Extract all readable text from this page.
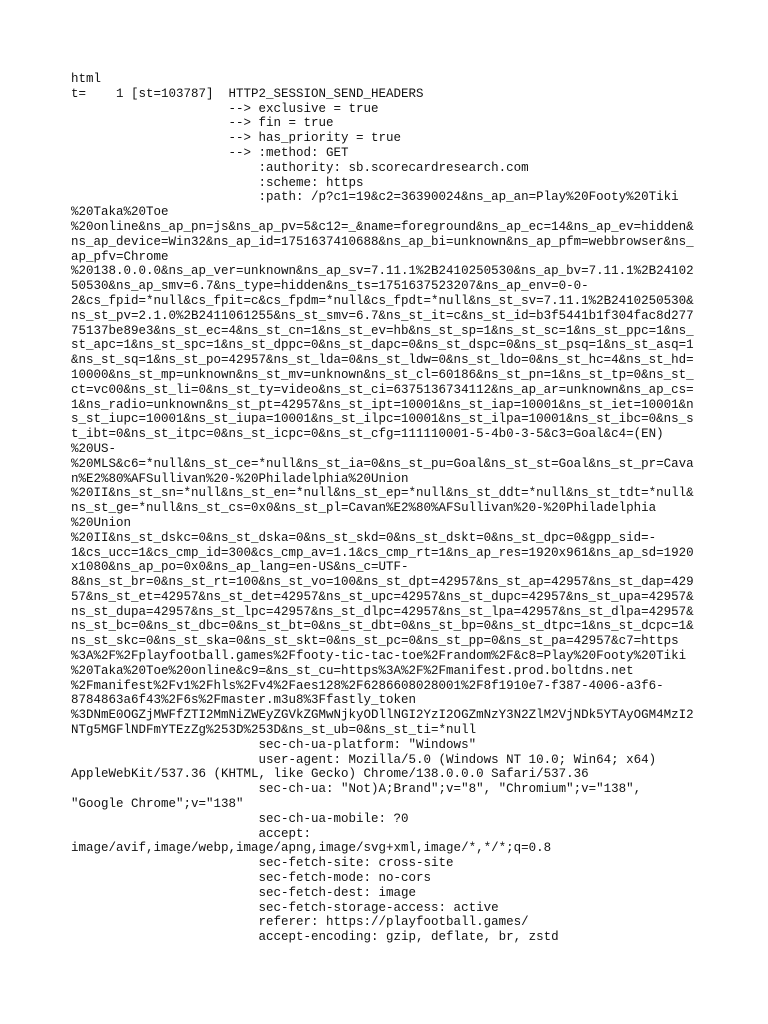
html
t=    1 [st=103787]  HTTP2_SESSION_SEND_HEADERS
--> exclusive = true
--> fin = true
--> has_priority = true
--> :method: GET
:authority: sb.scorecardresearch.com
:scheme: https
:path: /p?c1=19&c2=36390024&ns_ap_an=Play%20Footy%20Tiki
%20Taka%20Toe
%20online&ns_ap_pn=js&ns_ap_pv=5&c12=_&name=foreground&ns_ap_ec=14&ns_ap_ev=hidden&
ns_ap_device=Win32&ns_ap_id=1751637410688&ns_ap_bi=unknown&ns_ap_pfm=webbrowser&ns_
ap_pfv=Chrome
%20138.0.0.0&ns_ap_ver=unknown&ns_ap_sv=7.11.1%2B2410250530&ns_ap_bv=7.11.1%2B24102
50530&ns_ap_smv=6.7&ns_type=hidden&ns_ts=1751637523207&ns_ap_env=0-0-
2&cs_fpid=*null&cs_fpit=c&cs_fpdm=*null&cs_fpdt=*null&ns_st_sv=7.11.1%2B2410250530&
ns_st_pv=2.1.0%2B2411061255&ns_st_smv=6.7&ns_st_it=c&ns_st_id=b3f5441b1f304fac8d277
75137be89e3&ns_st_ec=4&ns_st_cn=1&ns_st_ev=hb&ns_st_sp=1&ns_st_sc=1&ns_st_ppc=1&ns_
st_apc=1&ns_st_spc=1&ns_st_dppc=0&ns_st_dapc=0&ns_st_dspc=0&ns_st_psq=1&ns_st_asq=1
&ns_st_sq=1&ns_st_po=42957&ns_st_lda=0&ns_st_ldw=0&ns_st_ldo=0&ns_st_hc=4&ns_st_hd=
10000&ns_st_mp=unknown&ns_st_mv=unknown&ns_st_cl=60186&ns_st_pn=1&ns_st_tp=0&ns_st_
ct=vc00&ns_st_li=0&ns_st_ty=video&ns_st_ci=6375136734112&ns_ap_ar=unknown&ns_ap_cs=
1&ns_radio=unknown&ns_st_pt=42957&ns_st_ipt=10001&ns_st_iap=10001&ns_st_iet=10001&n
s_st_iupc=10001&ns_st_iupa=10001&ns_st_ilpc=10001&ns_st_ilpa=10001&ns_st_ibc=0&ns_s
t_ibt=0&ns_st_itpc=0&ns_st_icpc=0&ns_st_cfg=111110001-5-4b0-3-5&c3=Goal&c4=(EN)
%20US-
%20MLS&c6=*null&ns_st_ce=*null&ns_st_ia=0&ns_st_pu=Goal&ns_st_st=Goal&ns_st_pr=Cava
n%E2%80%AFSullivan%20-%20Philadelphia%20Union
%20II&ns_st_sn=*null&ns_st_en=*null&ns_st_ep=*null&ns_st_ddt=*null&ns_st_tdt=*null&
ns_st_ge=*null&ns_st_cs=0x0&ns_st_pl=Cavan%E2%80%AFSullivan%20-%20Philadelphia
%20Union
%20II&ns_st_dskc=0&ns_st_dska=0&ns_st_skd=0&ns_st_dskt=0&ns_st_dpc=0&gpp_sid=-
1&cs_ucc=1&cs_cmp_id=300&cs_cmp_av=1.1&cs_cmp_rt=1&ns_ap_res=1920x961&ns_ap_sd=1920
x1080&ns_ap_po=0x0&ns_ap_lang=en-US&ns_c=UTF-
8&ns_st_br=0&ns_st_rt=100&ns_st_vo=100&ns_st_dpt=42957&ns_st_ap=42957&ns_st_dap=429
57&ns_st_et=42957&ns_st_det=42957&ns_st_upc=42957&ns_st_dupc=42957&ns_st_upa=42957&
ns_st_dupa=42957&ns_st_lpc=42957&ns_st_dlpc=42957&ns_st_lpa=42957&ns_st_dlpa=42957&
ns_st_bc=0&ns_st_dbc=0&ns_st_bt=0&ns_st_dbt=0&ns_st_bp=0&ns_st_dtpc=1&ns_st_dcpc=1&
ns_st_skc=0&ns_st_ska=0&ns_st_skt=0&ns_st_pc=0&ns_st_pp=0&ns_st_pa=42957&c7=https
%3A%2F%2Fplayfootball.games%2Ffooty-tic-tac-toe%2Frandom%2F&c8=Play%20Footy%20Tiki
%20Taka%20Toe%20online&c9=&ns_st_cu=https%3A%2F%2Fmanifest.prod.boltdns.net
%2Fmanifest%2Fv1%2Fhls%2Fv4%2Faes128%2F6286608028001%2F8f1910e7-f387-4006-a3f6-
8784863a6f43%2F6s%2Fmaster.m3u8%3Ffastly_token
%3DNmE0OGZjMWFfZTI2MmNiZWEyZGVkZGMwNjkyODllNGI2YzI2OGZmNzY3N2ZlM2VjNDk5YTAyOGM4MzI2
NTg5MGFlNDFmYTEzZg%253D%253D&ns_st_ub=0&ns_st_ti=*null
sec-ch-ua-platform: "Windows"
user-agent: Mozilla/5.0 (Windows NT 10.0; Win64; x64)
AppleWebKit/537.36 (KHTML, like Gecko) Chrome/138.0.0.0 Safari/537.36
sec-ch-ua: "Not)A;Brand";v="8", "Chromium";v="138",
"Google Chrome";v="138"
sec-ch-ua-mobile: ?0
accept:
image/avif,image/webp,image/apng,image/svg+xml,image/*,*/*;q=0.8
sec-fetch-site: cross-site
sec-fetch-mode: no-cors
sec-fetch-dest: image
sec-fetch-storage-access: active
referer: https://playfootball.games/
accept-encoding: gzip, deflate, br, zstd
